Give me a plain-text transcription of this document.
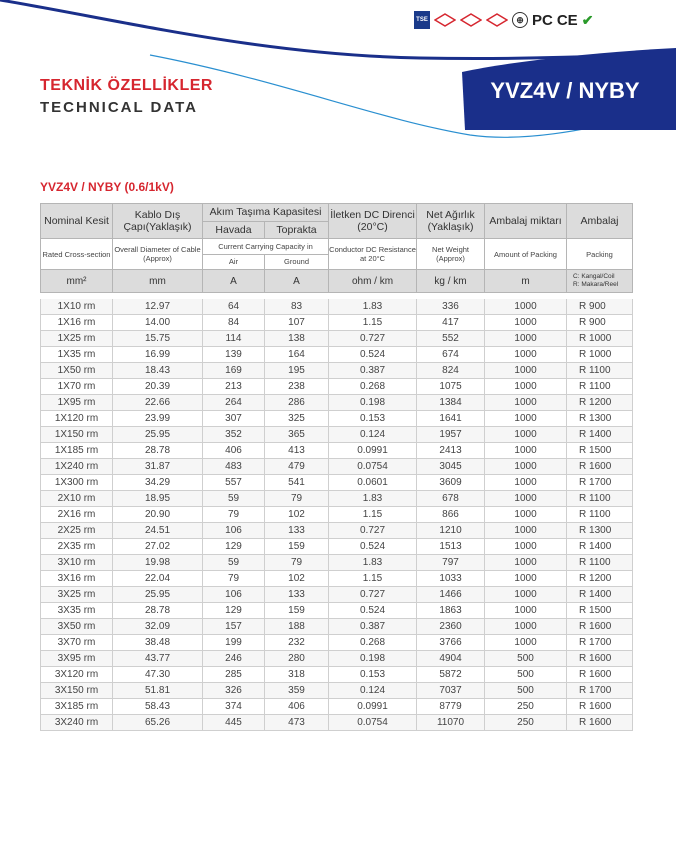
TSE	⊕ PC CE ✔
TEKNİK ÖZELLİKLER
TECHNICAL DATA
YVZ4V / NYBY
YVZ4V / NYBY (0.6/1kV)
Nominal Kesit	Kablo Dış Çapı(Yaklaşık)	Akım Taşıma Kapasitesi		İletken DC Direnci (20°C)	Net Ağırlık (Yaklaşık)	Ambalaj miktarı	Ambalaj
		Havada	Toprakta				
Rated Cross-section	Overall Diameter of Cable (Approx)	Current Carrying Capacity in		Conductor DC Resistance at 20°C	Net Weight (Approx)	Amount of Packing	Packing
		Air	Ground				
mm²	mm	A	A	ohm / km	kg / km	m	C: Kangal/Coil
R: Makara/Reel

1X10 rm	12.97	64	83	1.83	336	1000	R 900
1X16 rm	14.00	84	107	1.15	417	1000	R 900
1X25 rm	15.75	114	138	0.727	552	1000	R 1000
1X35 rm	16.99	139	164	0.524	674	1000	R 1000
1X50 rm	18.43	169	195	0.387	824	1000	R 1100
1X70 rm	20.39	213	238	0.268	1075	1000	R 1100
1X95 rm	22.66	264	286	0.198	1384	1000	R 1200
1X120 rm	23.99	307	325	0.153	1641	1000	R 1300
1X150 rm	25.95	352	365	0.124	1957	1000	R 1400
1X185 rm	28.78	406	413	0.0991	2413	1000	R 1500
1X240 rm	31.87	483	479	0.0754	3045	1000	R 1600
1X300 rm	34.29	557	541	0.0601	3609	1000	R 1700
2X10 rm	18.95	59	79	1.83	678	1000	R 1100
2X16 rm	20.90	79	102	1.15	866	1000	R 1100
2X25 rm	24.51	106	133	0.727	1210	1000	R 1300
2X35 rm	27.02	129	159	0.524	1513	1000	R 1400
3X10 rm	19.98	59	79	1.83	797	1000	R 1100
3X16 rm	22.04	79	102	1.15	1033	1000	R 1200
3X25 rm	25.95	106	133	0.727	1466	1000	R 1400
3X35 rm	28.78	129	159	0.524	1863	1000	R 1500
3X50 rm	32.09	157	188	0.387	2360	1000	R 1600
3X70 rm	38.48	199	232	0.268	3766	1000	R 1700
3X95 rm	43.77	246	280	0.198	4904	500	R 1600
3X120 rm	47.30	285	318	0.153	5872	500	R 1600
3X150 rm	51.81	326	359	0.124	7037	500	R 1700
3X185 rm	58.43	374	406	0.0991	8779	250	R 1600
3X240 rm	65.26	445	473	0.0754	11070	250	R 1600
